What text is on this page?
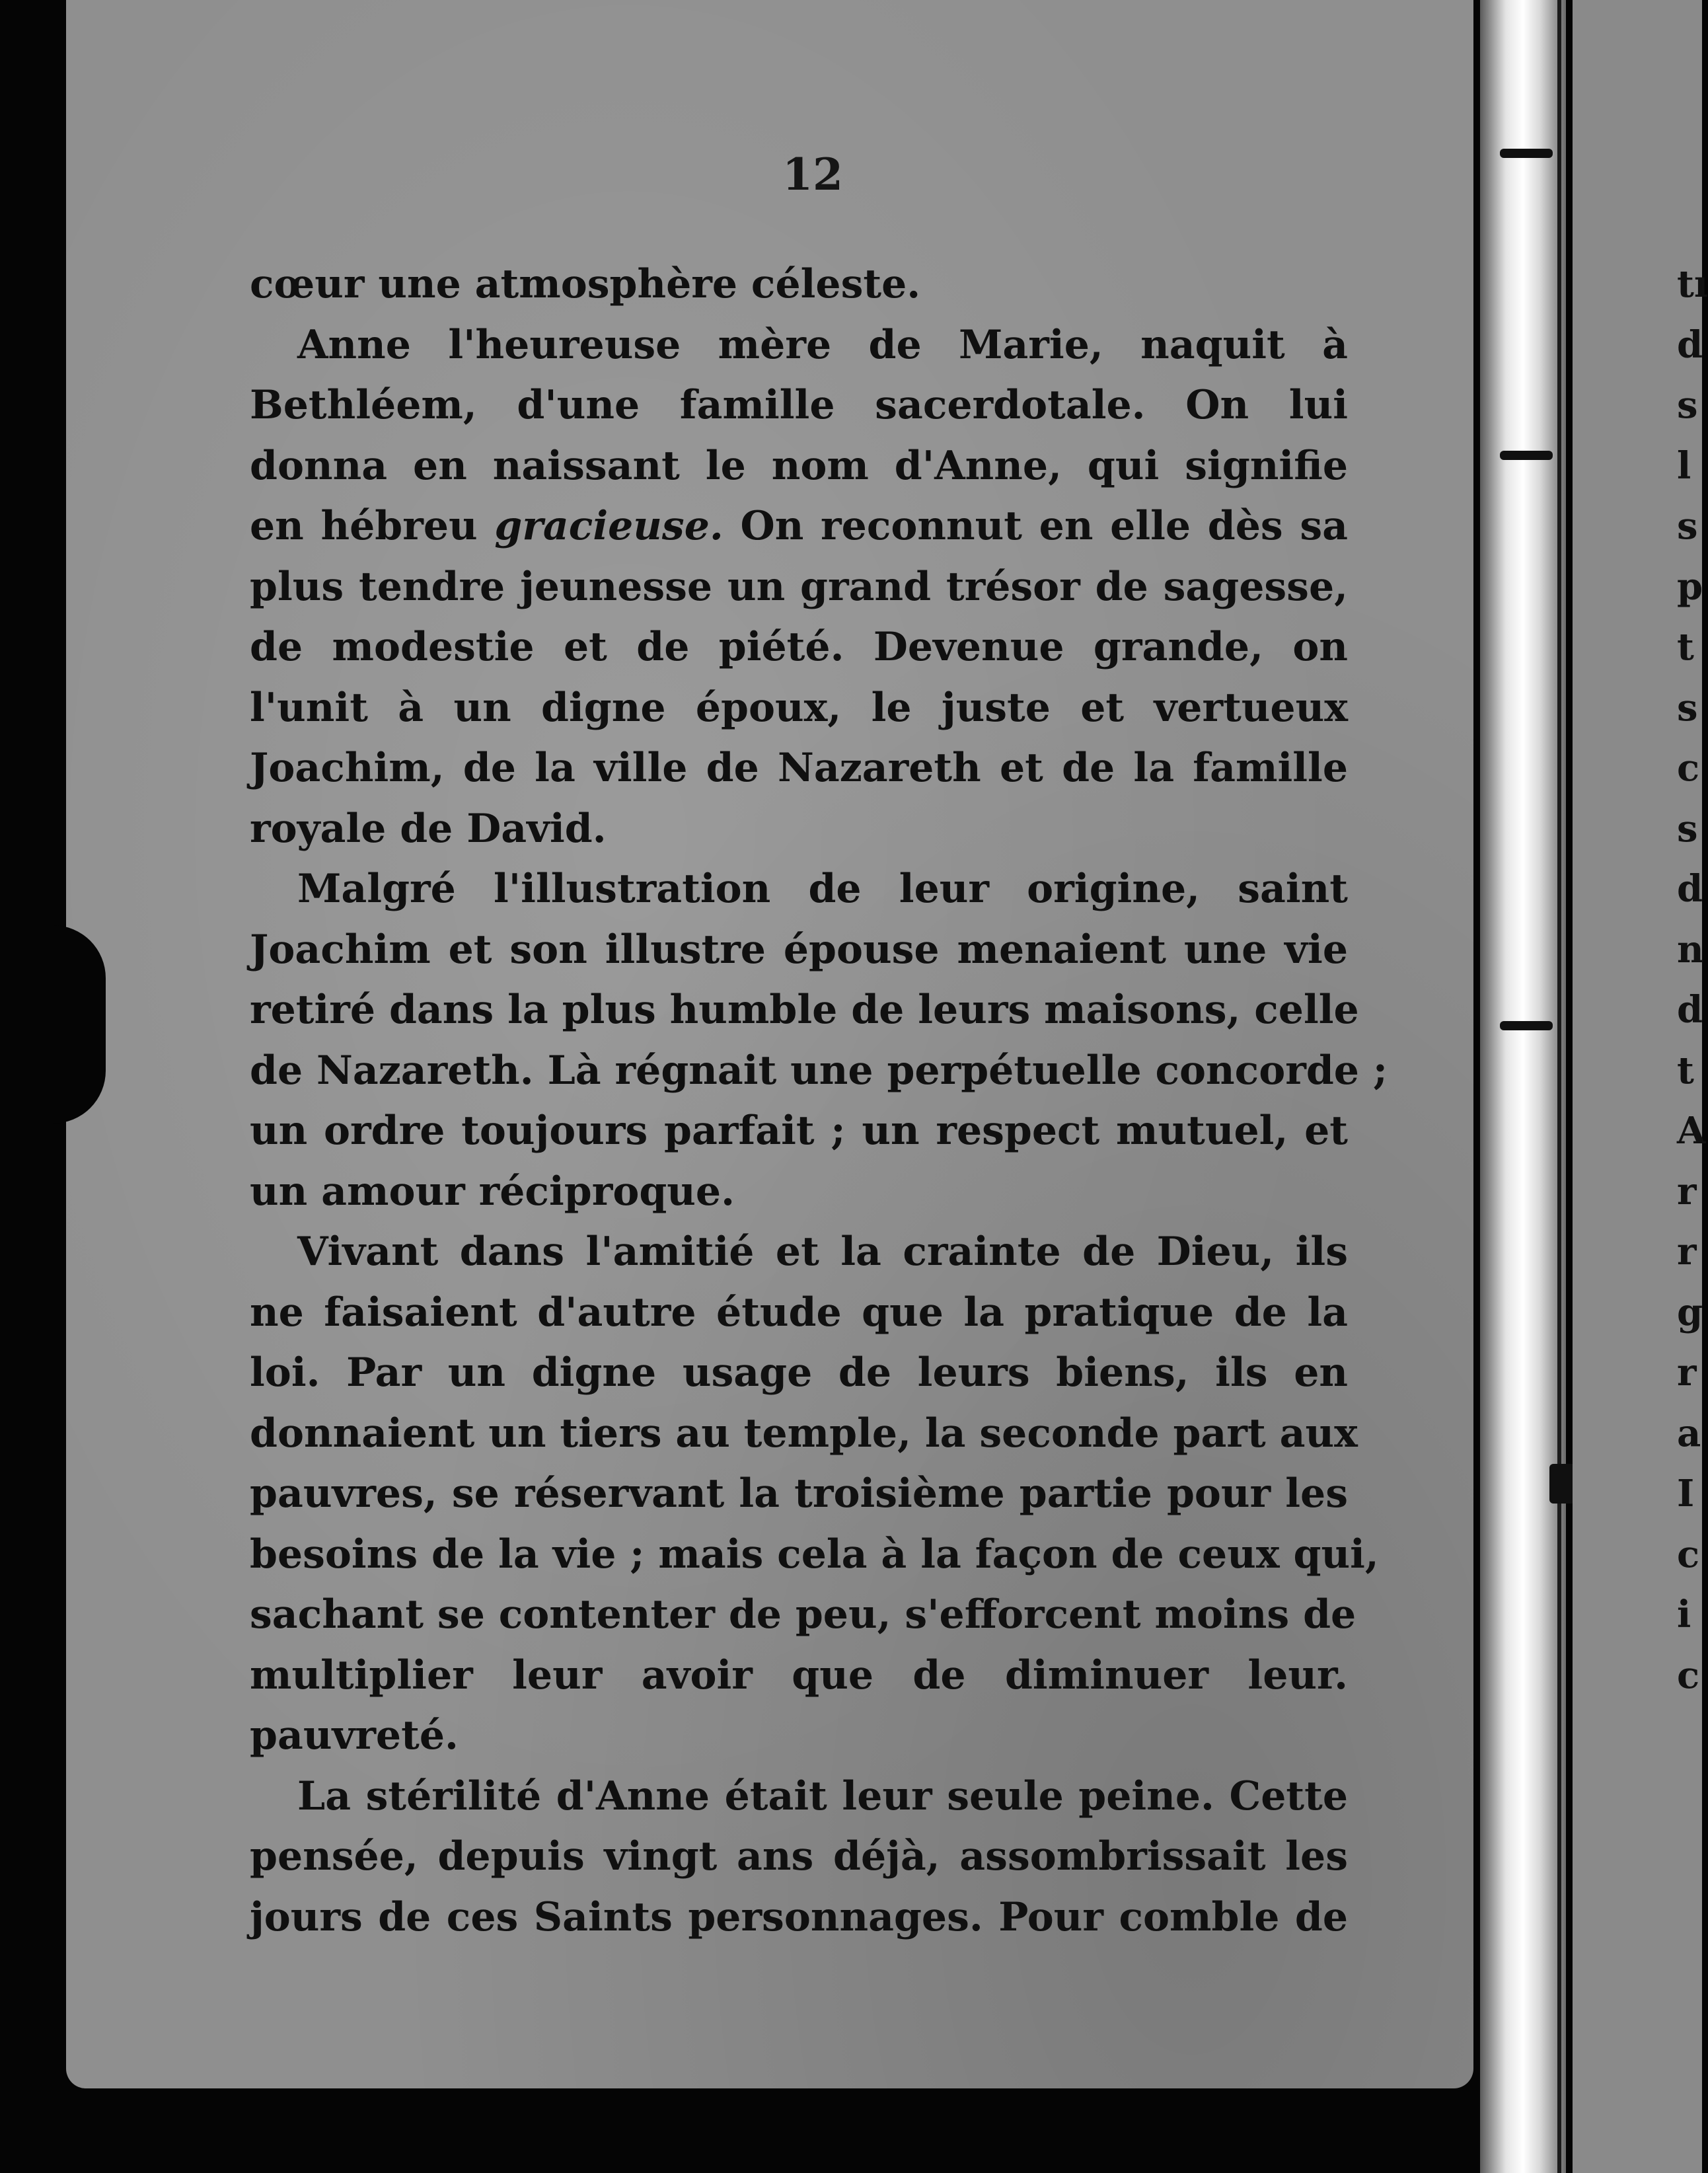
12
cœur une atmosphère céleste.
Anne l'heureuse mère de Marie, naquit à
Bethléem, d'une famille sacerdotale. On lui
donna en naissant le nom d'Anne, qui signifie
en hébreu gracieuse. On reconnut en elle dès sa
plus tendre jeunesse un grand trésor de sagesse,
de modestie et de piété. Devenue grande, on
l'unit à un digne époux, le juste et vertueux
Joachim, de la ville de Nazareth et de la famille
royale de David.
Malgré l'illustration de leur origine, saint
Joachim et son illustre épouse menaient une vie
retiré dans la plus humble de leurs maisons, celle
de Nazareth. Là régnait une perpétuelle concorde ;
un ordre toujours parfait ; un respect mutuel, et
un amour réciproque.
Vivant dans l'amitié et la crainte de Dieu, ils
ne faisaient d'autre étude que la pratique de la
loi. Par un digne usage de leurs biens, ils en
donnaient un tiers au temple, la seconde part aux
pauvres, se réservant la troisième partie pour les
besoins de la vie ; mais cela à la façon de ceux qui,
sachant se contenter de peu, s'efforcent moins de
multiplier leur avoir que de diminuer leur.
pauvreté.
La stérilité d'Anne était leur seule peine. Cette
pensée, depuis vingt ans déjà, assombrissait les
jours de ces Saints personnages. Pour comble de
tı
d
s
l
s
p
t
s
c
s
d
n
d
t
A
r
r
g
r
a
I
c
i
c
